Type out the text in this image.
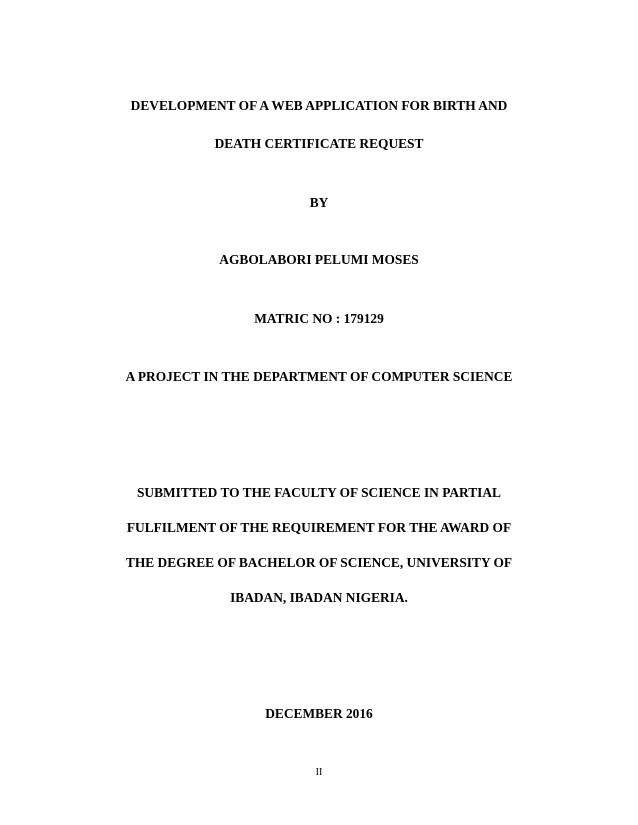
DEVELOPMENT OF A WEB APPLICATION FOR BIRTH AND
DEATH CERTIFICATE REQUEST
BY
AGBOLABORI PELUMI MOSES
MATRIC NO : 179129
A PROJECT IN THE DEPARTMENT OF COMPUTER SCIENCE
SUBMITTED TO THE FACULTY OF SCIENCE IN PARTIAL
FULFILMENT OF THE REQUIREMENT FOR THE AWARD OF
THE DEGREE OF BACHELOR OF SCIENCE, UNIVERSITY OF
IBADAN, IBADAN NIGERIA.
DECEMBER 2016
II
